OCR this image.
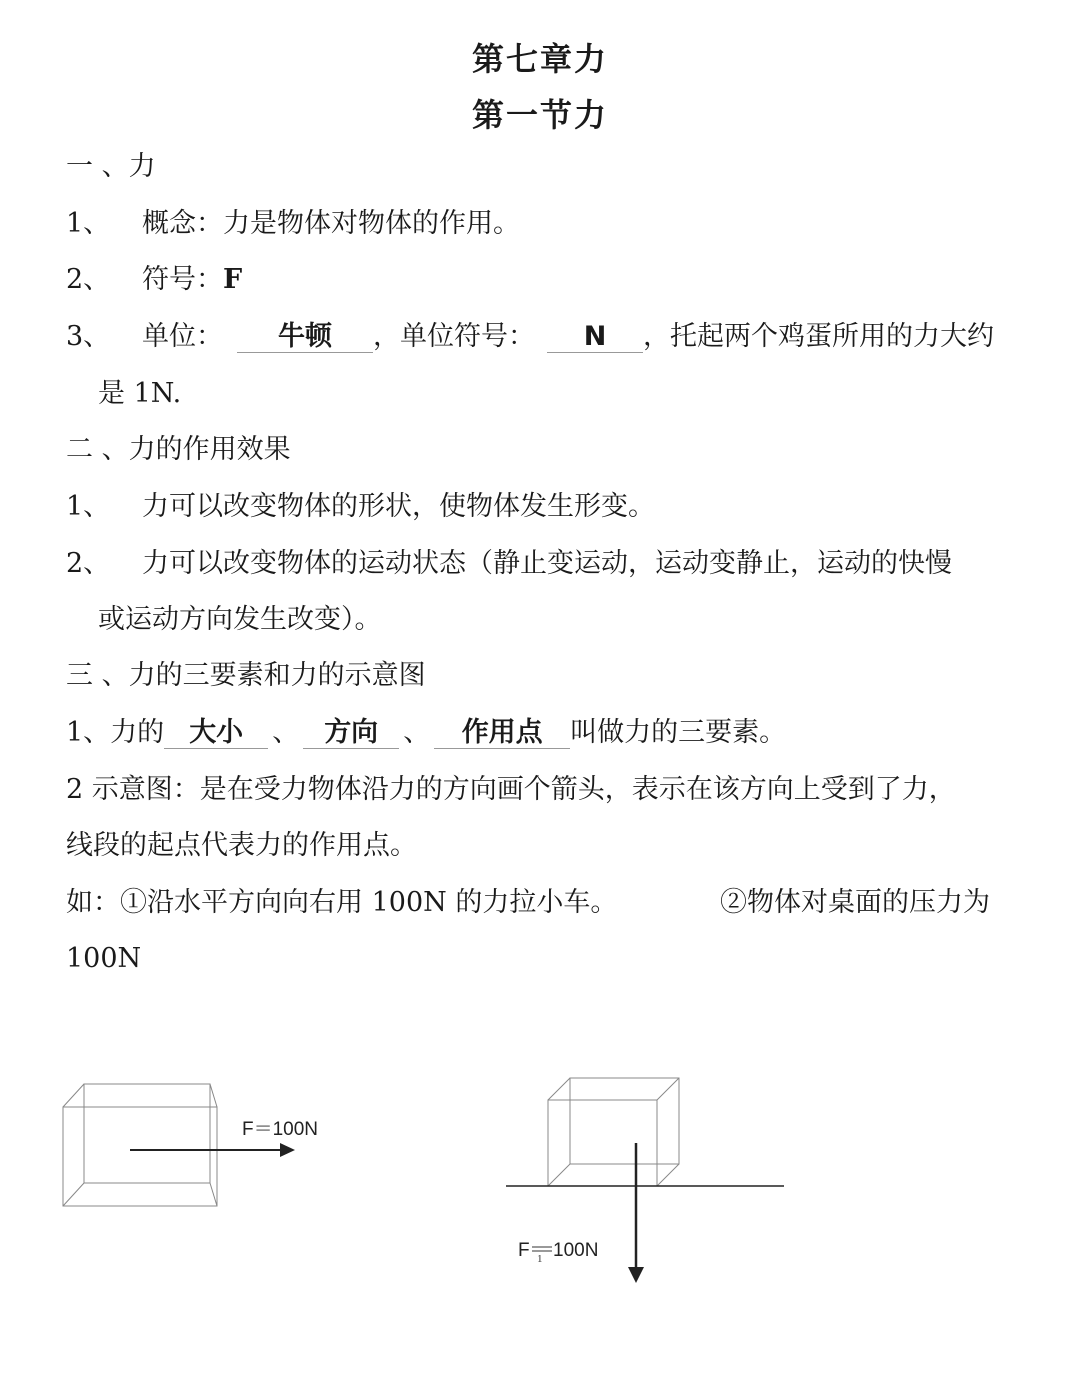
第七章力
第一节力
一 、力
1、 概念：力是物体对物体的作用。
2、 符号：F
3、 单位： 牛顿 ，单位符号： N ，托起两个鸡蛋所用的力大约
是 1N.
二 、力的作用效果
1、 力可以改变物体的形状，使物体发生形变。
2、 力可以改变物体的运动状态（静止变运动，运动变静止，运动的快慢
或运动方向发生改变）。
三 、力的三要素和力的示意图
1、力的 大小 、 方向 、 作用点 叫做力的三要素。
2 示意图：是在受力物体沿力的方向画个箭头，表示在该方向上受到了力，
线段的起点代表力的作用点。
如：①沿水平方向向右用 100N 的力拉小车。	②物体对桌面的压力为
100N
F＝100N
F 1 100N
